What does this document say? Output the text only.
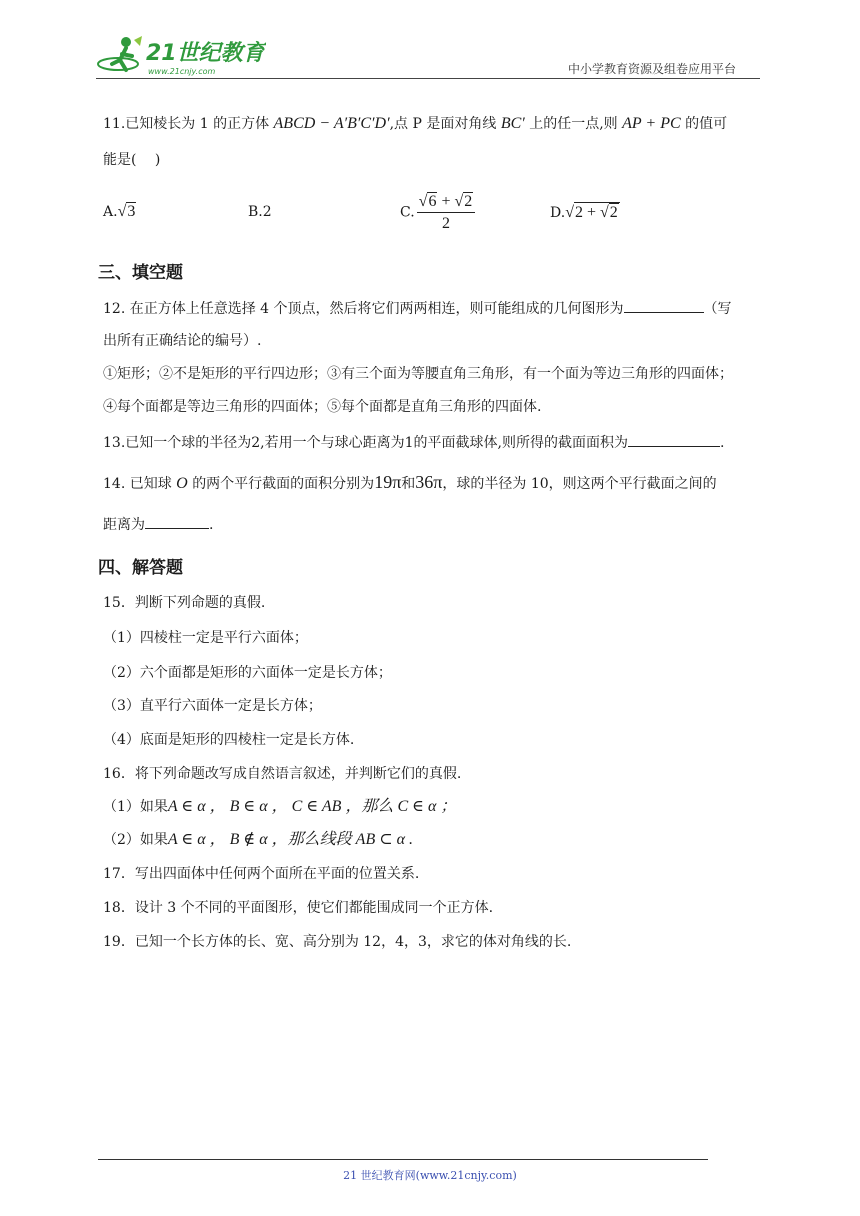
21世纪教育
www.21cnjy.com	中小学教育资源及组卷应用平台
11.已知棱长为 1 的正方体 ABCD − A′B′C′D′,点 P 是面对角线 BC′ 上的任一点,则 AP + PC 的值可
能是(　 )
A.√3	B.2	C. $\frac{√6 + √2}{2}$	D.√2 + √2
三、填空题
12. 在正方体上任意选择 4 个顶点，然后将它们两两相连，则可能组成的几何图形为	（写
出所有正确结论的编号）.
①矩形；②不是矩形的平行四边形；③有三个面为等腰直角三角形，有一个面为等边三角形的四面体；
④每个面都是等边三角形的四面体；⑤每个面都是直角三角形的四面体.
13.已知一个球的半径为2,若用一个与球心距离为1的平面截球体,则所得的截面面积为	.
14. 已知球 O 的两个平行截面的面积分别为19π和36π，球的半径为 10，则这两个平行截面之间的
距离为	.
四、解答题
15．判断下列命题的真假.
（1）四棱柱一定是平行六面体；
（2）六个面都是矩形的六面体一定是长方体；
（3）直平行六面体一定是长方体；
（4）底面是矩形的四棱柱一定是长方体.
16．将下列命题改写成自然语言叙述，并判断它们的真假.
（1）如果A ∈ α ， B ∈ α ， C ∈ AB ，那么 C ∈ α ；
（2）如果A ∈ α ， B ∉ α ，那么线段 AB ⊂ α .
17．写出四面体中任何两个面所在平面的位置关系.
18．设计 3 个不同的平面图形，使它们都能围成同一个正方体.
19．已知一个长方体的长、宽、高分别为 12，4，3，求它的体对角线的长.
21 世纪教育网(www.21cnjy.com)
